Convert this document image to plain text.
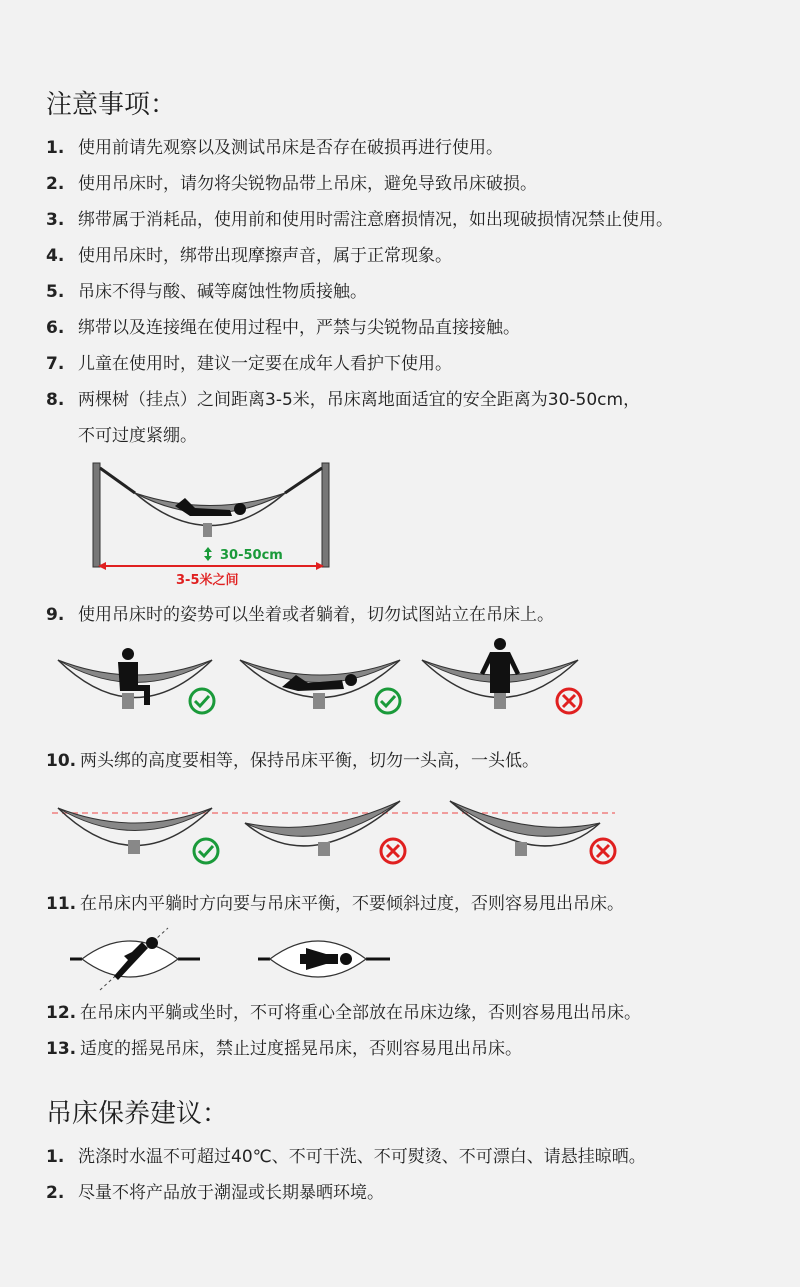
注意事项：
1. 使用前请先观察以及测试吊床是否存在破损再进行使用。
2. 使用吊床时，请勿将尖锐物品带上吊床，避免导致吊床破损。
3. 绑带属于消耗品，使用前和使用时需注意磨损情况，如出现破损情况禁止使用。
4. 使用吊床时，绑带出现摩擦声音，属于正常现象。
5. 吊床不得与酸、碱等腐蚀性物质接触。
6. 绑带以及连接绳在使用过程中，严禁与尖锐物品直接接触。
7. 儿童在使用时，建议一定要在成年人看护下使用。
8. 两棵树（挂点）之间距离3-5米，吊床离地面适宜的安全距离为30-50cm，
不可过度紧绷。
30-50cm
3-5米之间
9. 使用吊床时的姿势可以坐着或者躺着，切勿试图站立在吊床上。
10. 两头绑的高度要相等，保持吊床平衡，切勿一头高，一头低。
11. 在吊床内平躺时方向要与吊床平衡，不要倾斜过度，否则容易甩出吊床。
12. 在吊床内平躺或坐时，不可将重心全部放在吊床边缘，否则容易甩出吊床。
13. 适度的摇晃吊床，禁止过度摇晃吊床，否则容易甩出吊床。
吊床保养建议：
1. 洗涤时水温不可超过40℃、不可干洗、不可熨烫、不可漂白、请悬挂晾晒。
2. 尽量不将产品放于潮湿或长期暴晒环境。
